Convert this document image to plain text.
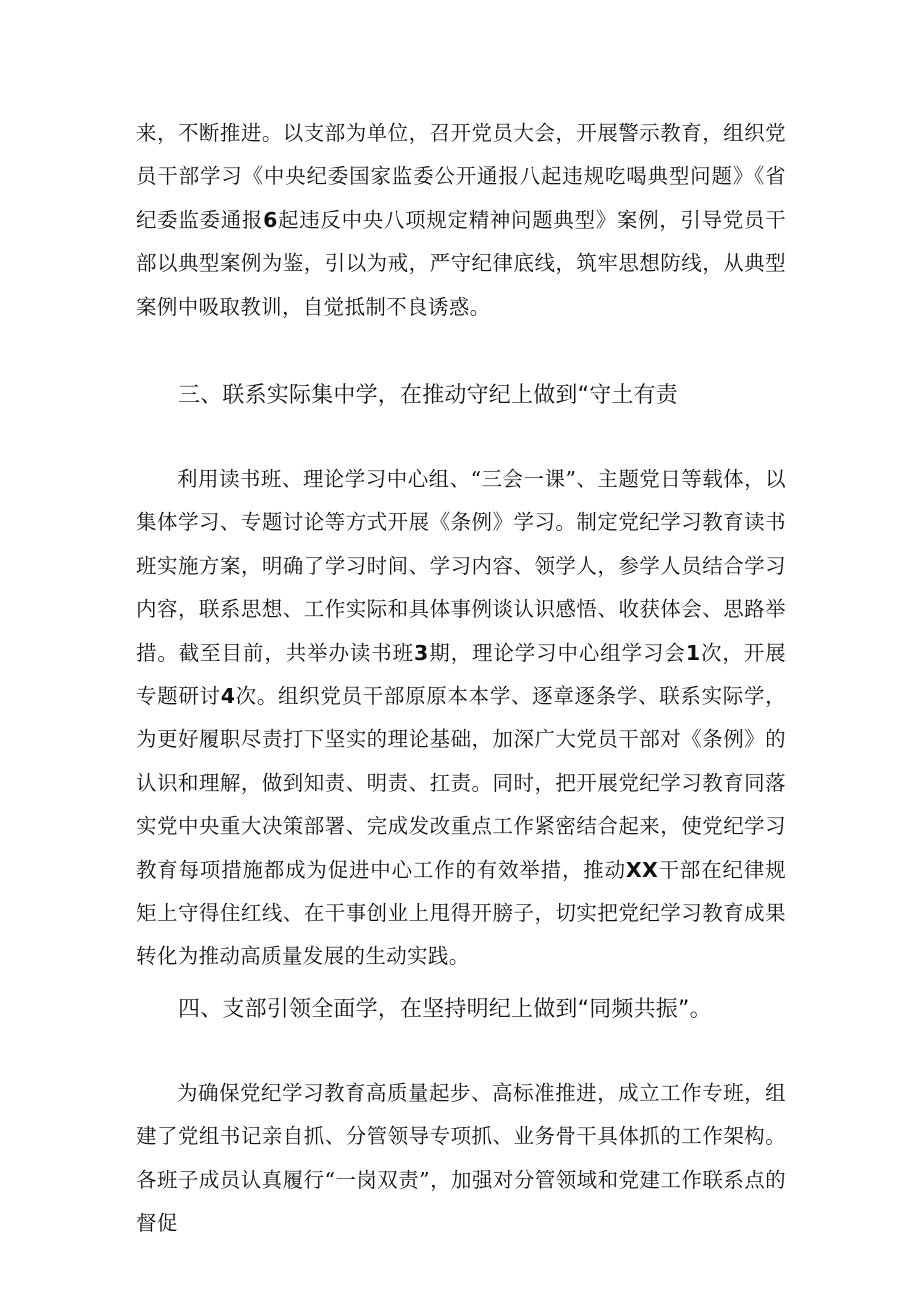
来，不断推进。以支部为单位，召开党员大会，开展警示教育，组织党员干部学习《中央纪委国家监委公开通报八起违规吃喝典型问题》《省纪委监委通报6起违反中央八项规定精神问题典型》案例，引导党员干部以典型案例为鉴，引以为戒，严守纪律底线，筑牢思想防线，从典型案例中吸取教训，自觉抵制不良诱惑。

三、联系实际集中学，在推动守纪上做到“守土有责

利用读书班、理论学习中心组、“三会一课”、主题党日等载体，以集体学习、专题讨论等方式开展《条例》学习。制定党纪学习教育读书班实施方案，明确了学习时间、学习内容、领学人，参学人员结合学习内容，联系思想、工作实际和具体事例谈认识感悟、收获体会、思路举措。截至目前，共举办读书班3期，理论学习中心组学习会1次，开展专题研讨4次。组织党员干部原原本本学、逐章逐条学、联系实际学，为更好履职尽责打下坚实的理论基础，加深广大党员干部对《条例》的认识和理解，做到知责、明责、扛责。同时，把开展党纪学习教育同落实党中央重大决策部署、完成发改重点工作紧密结合起来，使党纪学习教育每项措施都成为促进中心工作的有效举措，推动XX干部在纪律规矩上守得住红线、在干事创业上甩得开膀子，切实把党纪学习教育成果转化为推动高质量发展的生动实践。

四、支部引领全面学，在坚持明纪上做到“同频共振”。

为确保党纪学习教育高质量起步、高标准推进，成立工作专班，组建了党组书记亲自抓、分管领导专项抓、业务骨干具体抓的工作架构。各班子成员认真履行“一岗双责”，加强对分管领域和党建工作联系点的督促
